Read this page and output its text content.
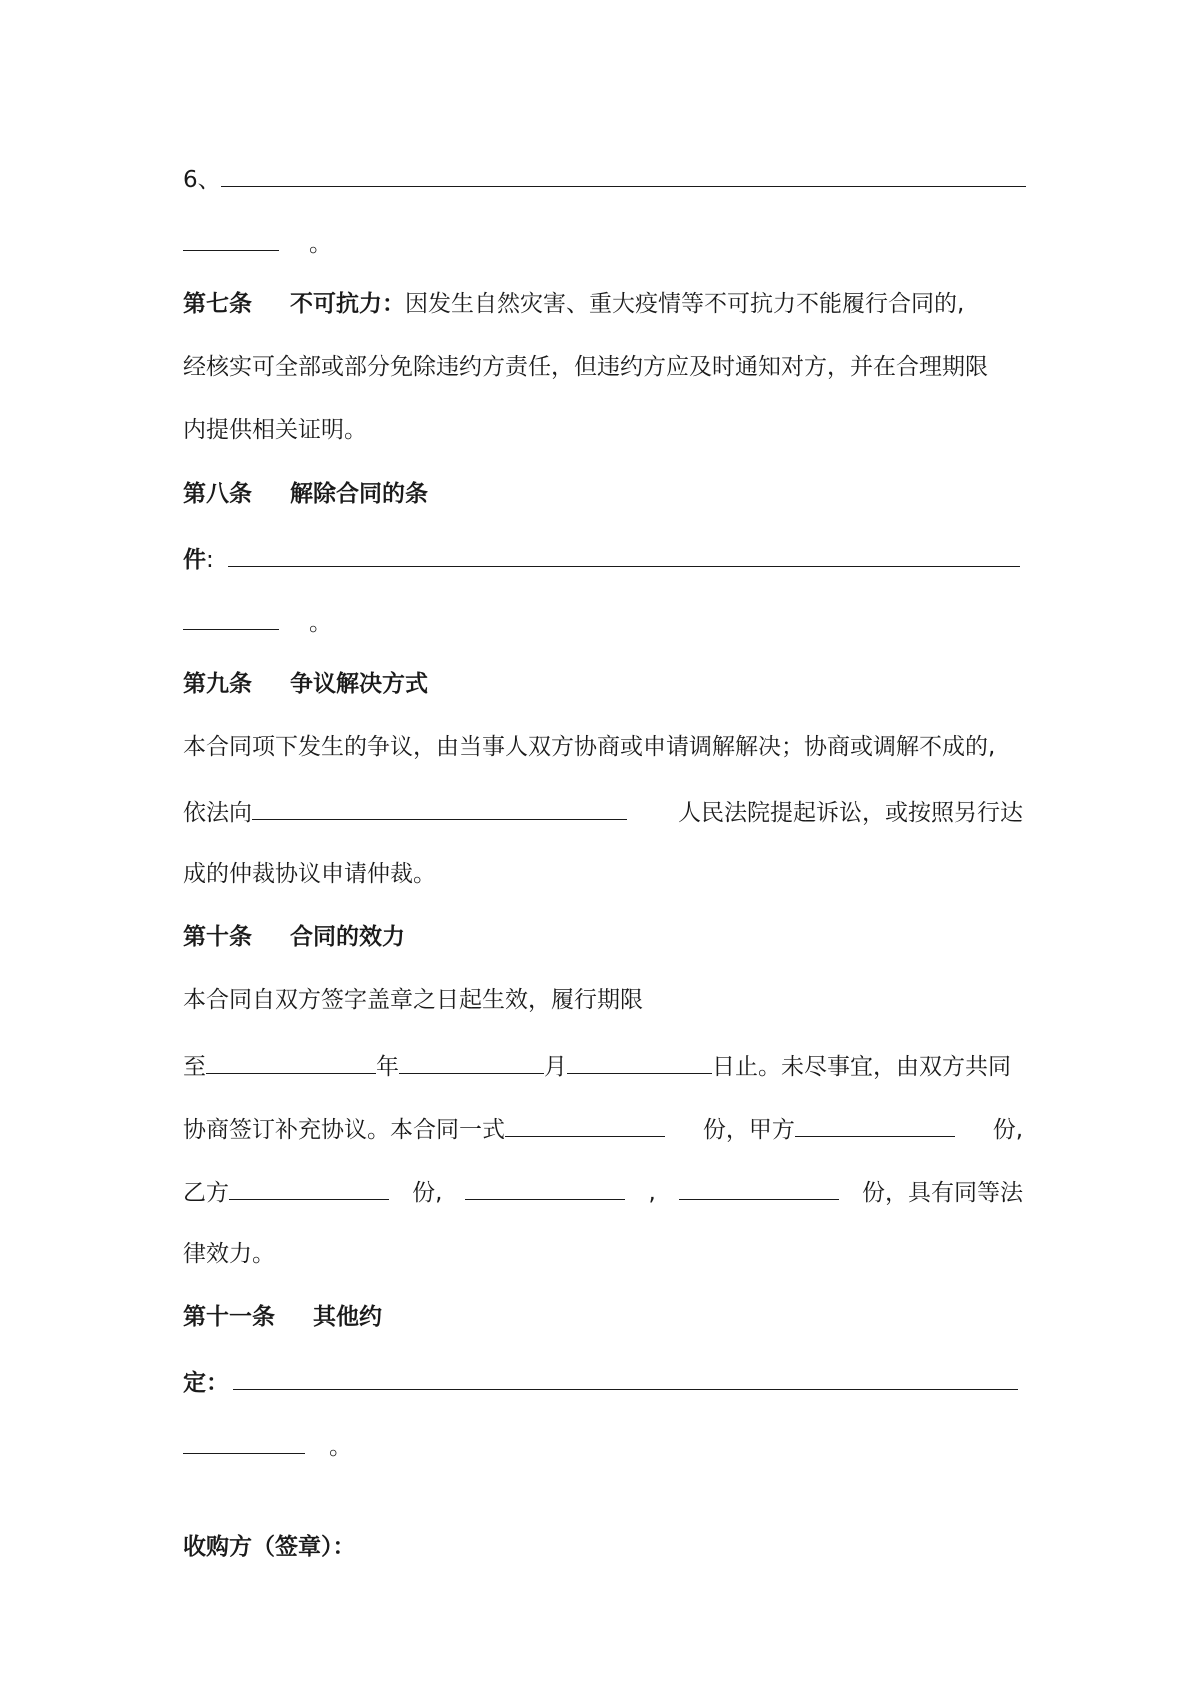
6、
。
第七条 不可抗力：因发生自然灾害、重大疫情等不可抗力不能履行合同的,
经核实可全部或部分免除违约方责任，但违约方应及时通知对方，并在合理期限
内提供相关证明。
第八条 解除合同的条
件:
。
第九条 争议解决方式
本合同项下发生的争议，由当事人双方协商或申请调解解决；协商或调解不成的,
依法向	人民法院提起诉讼，或按照另行达
成的仲裁协议申请仲裁。
第十条 合同的效力
本合同自双方签字盖章之日起生效，履行期限
至	年	月	日止。未尽事宜，由双方共同
协商签订补充协议。本合同一式	份，甲方	份,
乙方	份,	,	份，具有同等法
律效力。
第十一条 其他约
定：
。
收购方（签章）：
